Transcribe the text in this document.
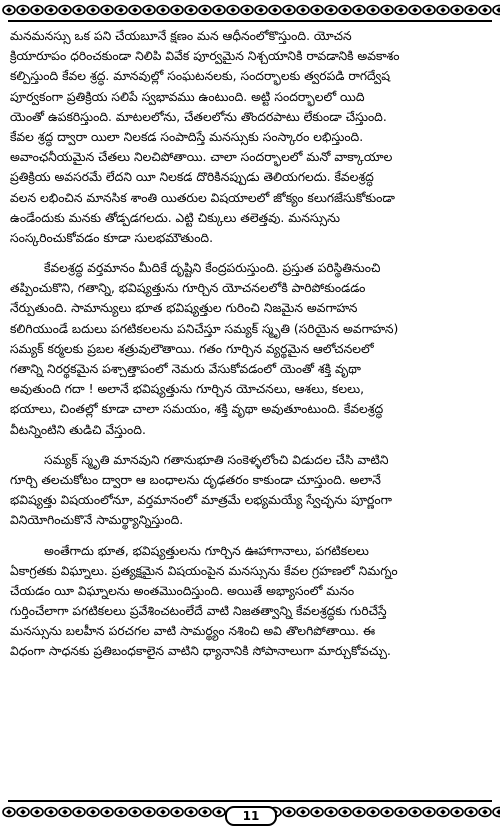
మనమనస్సు ఒక పని చేయబూనే క్షణం మన ఆధీనంలోకొస్తుంది. యోచన
క్రియారూపం ధరించకుండా నిలిపి వివేక పూర్వమైన నిశ్చయానికి రావడానికి అవకాశం
కల్పిస్తుంది కేవల శ్రద్ధ. మానవుల్లో సంఘటనలకు, సందర్భాలకు త్వరపడి రాగద్వేష
పూర్వకంగా ప్రతిక్రియ సలిపే స్వభావము ఉంటుంది. అట్టి సందర్భాలలో యిది
యెంతో ఉపకరిస్తుంది. మాటలలోను, చేతలలోను తొందరపాటు లేకుండా చేస్తుంది.
కేవల శ్రద్ధ ద్వారా యిలా నిలకడ సంపాదిస్తే మనస్సుకు సంస్కారం లభిస్తుంది.
అవాంఛనీయమైన చేతలు నిలచిపోతాయి. చాలా సందర్భాలలో మనో వాక్కాయాల
ప్రతిక్రియ అవసరమే లేదని యీ నిలకడ దొరికినప్పుడు తెలియగలదు. కేవలశ్రద్ధ
వలన లభించిన మానసిక శాంతి యితరుల విషయాలలో జోక్యం కలుగజేసుకోకుండా
ఉండేందుకు మనకు తోడ్పడగలదు. ఎట్టి చిక్కులు తలెత్తవు. మనస్సును
సంస్కరించుకోవడం కూడా సులభమౌతుంది.
కేవలశ్రద్ధ వర్తమానం మీదికే దృష్టిని కేంద్రపరుస్తుంది. ప్రస్తుత పరిస్థితినుంచి
తప్పించుకొని, గతాన్ని, భవిష్యత్తును గూర్చిన యోచనలలోకి పారిపోకుండడం
నేర్పుతుంది. సామాన్యులు భూత భవిష్యత్తుల గురించి నిజమైన అవగాహన
కలిగియుండే బదులు పగటికలలను పనిచేస్తూ సమ్యక్ స్మృతి (సరియైన అవగాహన)
సమ్యక్ కర్మలకు ప్రబల శత్రువులౌతాయి. గతం గూర్చిన వ్యర్థమైన ఆలోచనలలో
గతాన్ని నిరర్థకమైన పశ్చాత్తాపంలో నెమరు వేసుకోవడంలో యెంతో శక్తి వృథా
అవుతుంది గదా ! అలానే భవిష్యత్తును గూర్చిన యోచనలు, ఆశలు, కలలు,
భయాలు, చింతల్లో కూడా చాలా సమయం, శక్తి వృథా అవుతూంటుంది. కేవలశ్రద్ధ
వీటన్నింటిని తుడిచి వేస్తుంది.
సమ్యక్ స్మృతి మానవుని గతానుభూతి సంకెళ్ళలోంచి విడుదల చేసి వాటిని
గూర్చి తలచుకోటం ద్వారా ఆ బంధాలను దృఢతరం కాకుండా చూస్తుంది. అలానే
భవిష్యత్తు విషయంలోనూ, వర్తమానంలో మాత్రమే లభ్యమయ్యే స్వేచ్ఛను పూర్ణంగా
వినియోగించుకొనే సామర్థ్యాన్నిస్తుంది.
అంతేగాదు భూత, భవిష్యత్తులను గూర్చిన ఊహాగానాలు, పగటికలలు
ఏకాగ్రతకు విఘ్నాలు. ప్రత్యక్షమైన విషయంపైన మనస్సును కేవల గ్రహణలో నిమగ్నం
చేయడం యీ విఘ్నాలను అంతమొందిస్తుంది. అయితే అభ్యాసంలో మనం
గుర్తించేలాగా పగటికలలు ప్రవేశించటంలేదే వాటి నిజతత్వాన్ని కేవలశ్రద్ధకు గురిచేస్తే
మనస్సును బలహీన పరచగల వాటి సామర్థ్యం నశించి అవి తొలగిపోతాయి. ఈ
విధంగా సాధనకు ప్రతిబంధకాలైన వాటిని ధ్యానానికి సోపానాలుగా మార్చుకోవచ్చు.
11
